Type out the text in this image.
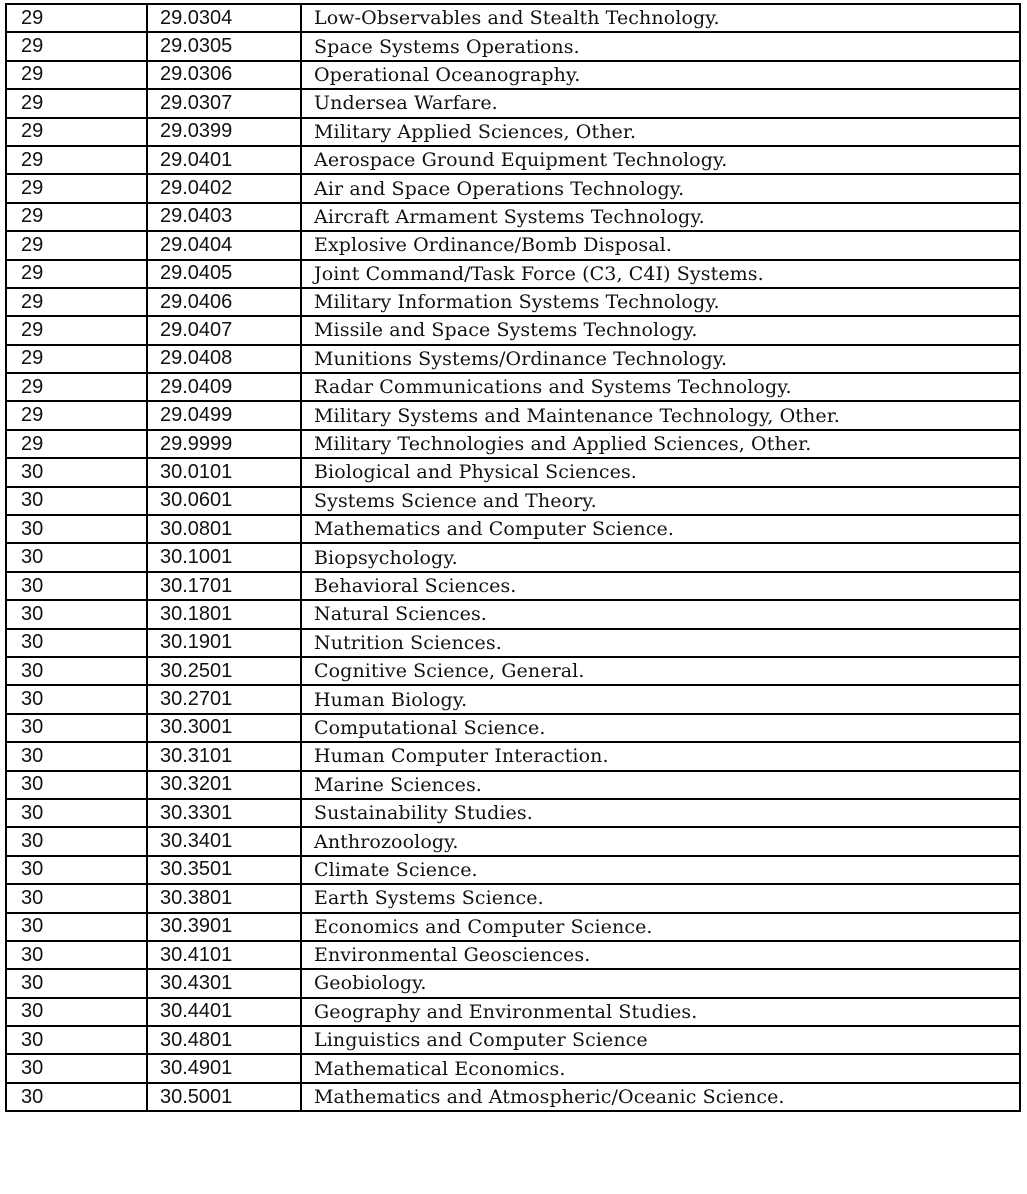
29	29.0304	Low-Observables and Stealth Technology.
29	29.0305	Space Systems Operations.
29	29.0306	Operational Oceanography.
29	29.0307	Undersea Warfare.
29	29.0399	Military Applied Sciences, Other.
29	29.0401	Aerospace Ground Equipment Technology.
29	29.0402	Air and Space Operations Technology.
29	29.0403	Aircraft Armament Systems Technology.
29	29.0404	Explosive Ordinance/Bomb Disposal.
29	29.0405	Joint Command/Task Force (C3, C4I) Systems.
29	29.0406	Military Information Systems Technology.
29	29.0407	Missile and Space Systems Technology.
29	29.0408	Munitions Systems/Ordinance Technology.
29	29.0409	Radar Communications and Systems Technology.
29	29.0499	Military Systems and Maintenance Technology, Other.
29	29.9999	Military Technologies and Applied Sciences, Other.
30	30.0101	Biological and Physical Sciences.
30	30.0601	Systems Science and Theory.
30	30.0801	Mathematics and Computer Science.
30	30.1001	Biopsychology.
30	30.1701	Behavioral Sciences.
30	30.1801	Natural Sciences.
30	30.1901	Nutrition Sciences.
30	30.2501	Cognitive Science, General.
30	30.2701	Human Biology.
30	30.3001	Computational Science.
30	30.3101	Human Computer Interaction.
30	30.3201	Marine Sciences.
30	30.3301	Sustainability Studies.
30	30.3401	Anthrozoology.
30	30.3501	Climate Science.
30	30.3801	Earth Systems Science.
30	30.3901	Economics and Computer Science.
30	30.4101	Environmental Geosciences.
30	30.4301	Geobiology.
30	30.4401	Geography and Environmental Studies.
30	30.4801	Linguistics and Computer Science
30	30.4901	Mathematical Economics.
30	30.5001	Mathematics and Atmospheric/Oceanic Science.
